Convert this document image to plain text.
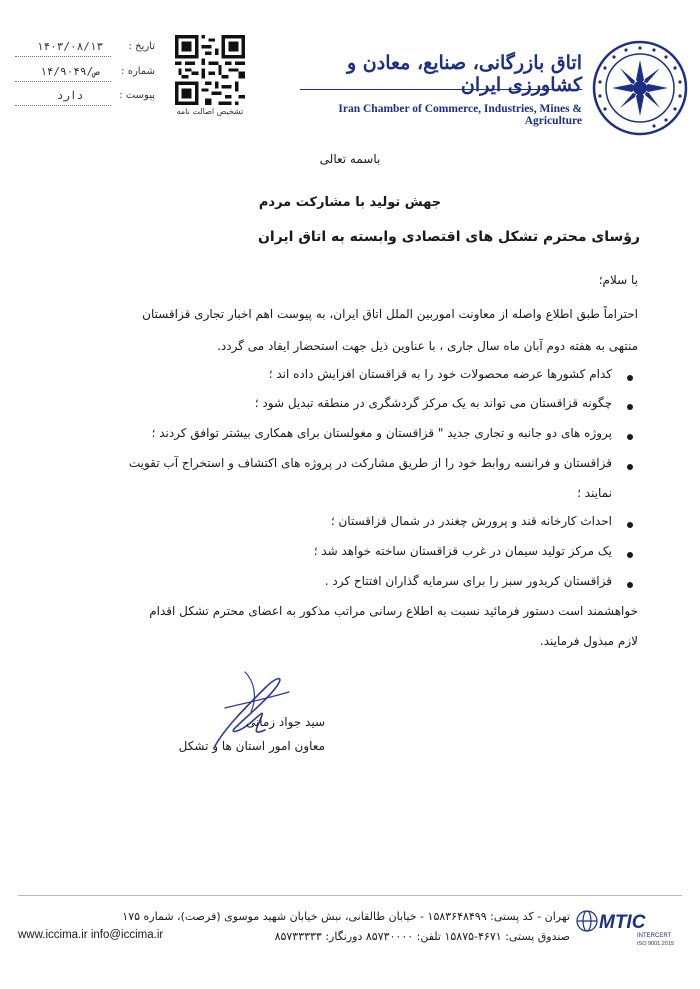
اتاق بازرگانی، صنایع، معادن و کشاورزی ایران
Iran Chamber of Commerce, Industries, Mines & Agriculture
تشخیص اصالت نامه
تاریخ :
۱۴۰۳/۰۸/۱۳
شماره :
۱۴/۹۰۴۹/ص
پیوست :
دارد
باسمه تعالی
جهش تولید با مشارکت مردم
رؤسای محترم تشکل های اقتصادی وابسته به اتاق ایران
با سلام؛
احتراماً طبق اطلاع واصله از معاونت اموربین الملل اتاق ایران، به پیوست اهم اخبار تجاری قزاقستان
منتهی به هفته دوم آبان ماه سال جاری ، با عناوین ذیل جهت استحضار ایفاد می گردد.
کدام کشورها عرضه محصولات خود را به قزاقستان افزایش داده اند ؛
چگونه قزاقستان می تواند به یک مرکز گردشگری در منطقه تبدیل شود ؛
پروژه های دو جانبه و تجاری جدید " قزاقستان و مغولستان برای همکاری بیشتر توافق کردند ؛
قزاقستان و فرانسه روابط خود را از طریق مشارکت در پروژه های اکتشاف و استخراج آب تقویت
نمایند ؛
احداث کارخانه قند و پرورش چغندر در شمال قزاقستان ؛
یک مرکز تولید سیمان در غرب قزاقستان ساخته خواهد شد ؛
قزاقستان کریدور سبز را برای سرمایه گذاران افتتاح کرد .
خواهشمند است دستور فرمائید نسبت به اطلاع رسانی مراتب مذکور به اعضای محترم تشکل اقدام
لازم مبذول فرمایند.
سید جواد زمانی
معاون امور استان ها و تشکل
MTIC
INTERCERT
ISO 9001:2015
تهران - کد پستی: ۱۵۸۳۶۴۸۴۹۹ - خیابان طالقانی، نبش خیابان شهید موسوی (فرصت)، شماره ۱۷۵
صندوق پستی: ۴۶۷۱-۱۵۸۷۵ تلفن: ۸۵۷۳۰۰۰۰ دورنگار: ۸۵۷۳۳۳۳۳
www.iccima.ir info@iccima.ir
